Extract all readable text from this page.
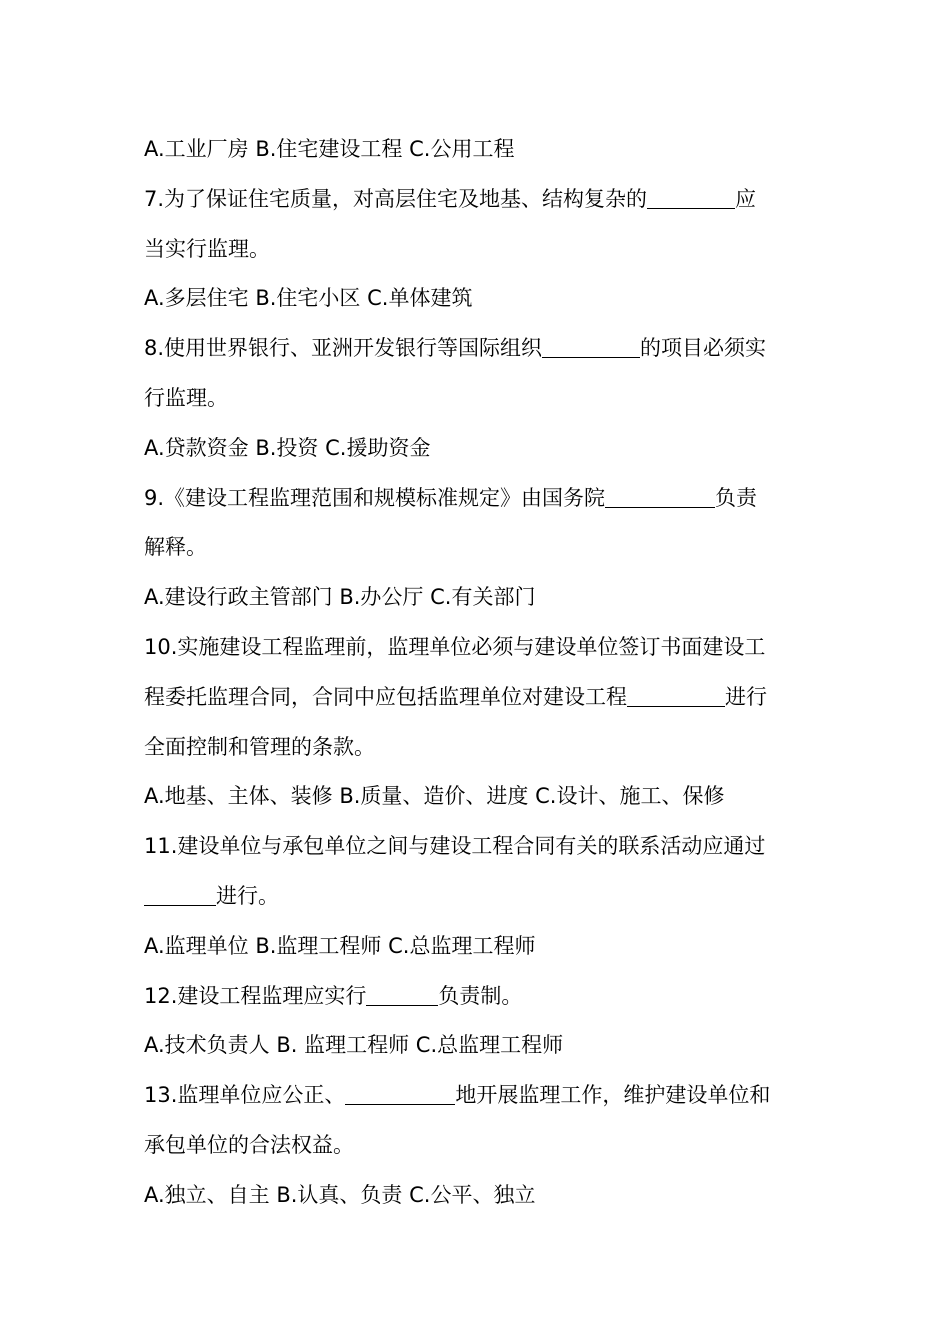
A.工业厂房 B.住宅建设工程 C.公用工程
7.为了保证住宅质量，对高层住宅及地基、结构复杂的	应
当实行监理。
A.多层住宅 B.住宅小区 C.单体建筑
8.使用世界银行、亚洲开发银行等国际组织	的项目必须实
行监理。
A.贷款资金 B.投资 C.援助资金
9.《建设工程监理范围和规模标准规定》由国务院	负责
解释。
A.建设行政主管部门 B.办公厅 C.有关部门
10.实施建设工程监理前，监理单位必须与建设单位签订书面建设工
程委托监理合同，合同中应包括监理单位对建设工程	进行
全面控制和管理的条款。
A.地基、主体、装修 B.质量、造价、进度 C.设计、施工、保修
11.建设单位与承包单位之间与建设工程合同有关的联系活动应通过
进行。
A.监理单位 B.监理工程师 C.总监理工程师
12.建设工程监理应实行	负责制。
A.技术负责人 B. 监理工程师 C.总监理工程师
13.监理单位应公正、	地开展监理工作，维护建设单位和
承包单位的合法权益。
A.独立、自主 B.认真、负责 C.公平、独立
